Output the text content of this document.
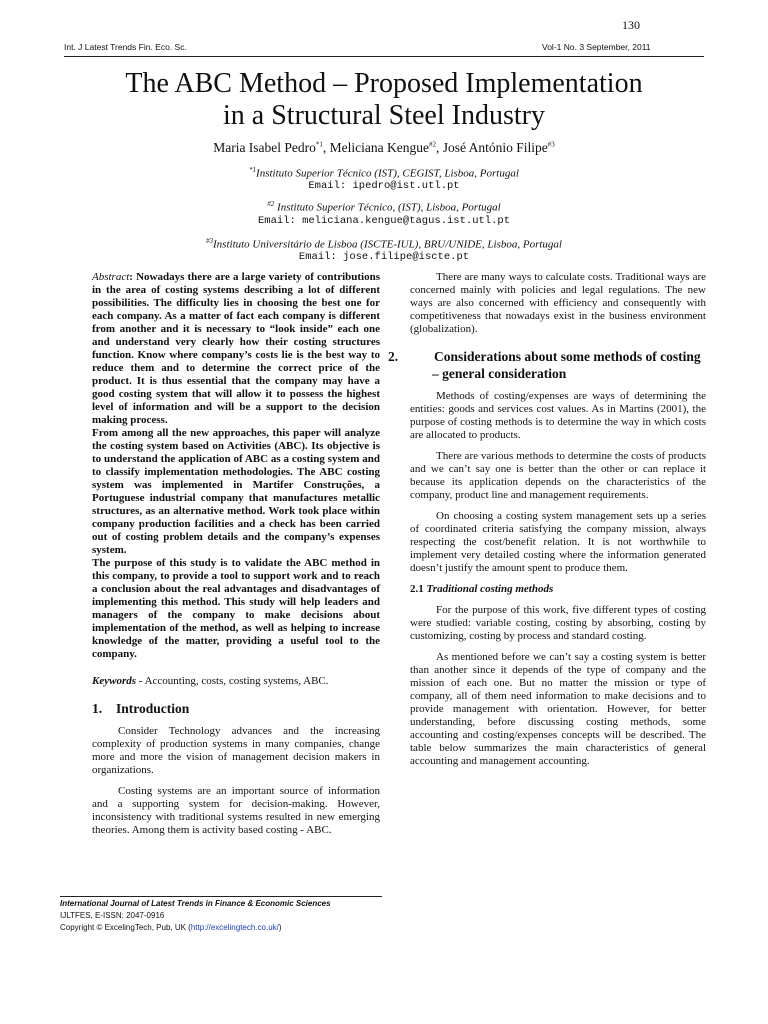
130
Int. J Latest Trends Fin. Eco. Sc.	Vol-1 No. 3 September, 2011
The ABC Method – Proposed Implementation
in a Structural Steel Industry
Maria Isabel Pedro$^{*1}$, Meliciana Kengue$^{\#2}$, José António Filipe$^{\#3}$
$^{*1}$Instituto Superior Técnico (IST), CEGIST, Lisboa, Portugal
Email: ipedro@ist.utl.pt
$^{\#2}$ Instituto Superior Técnico, (IST), Lisboa, Portugal
Email: meliciana.kengue@tagus.ist.utl.pt
$^{\#3}$Instituto Universitário de Lisboa (ISCTE-IUL), BRU/UNIDE, Lisboa, Portugal
Email: jose.filipe@iscte.pt

Abstract: Nowadays there are a large variety of contributions in the area of costing systems describing a lot of different possibilities. The difficulty lies in choosing the best one for each company. As a matter of fact each company is different from another and it is necessary to “look inside” each one and understand very clearly how their costing structures function. Know where company’s costs lie is the best way to reduce them and to determine the correct price of the product. It is thus essential that the company may have a good costing system that will allow it to possess the highest level of information and will be a support to the decision making process.

From among all the new approaches, this paper will analyze the costing system based on Activities (ABC). Its objective is to understand the application of ABC as a costing system and to classify implementation methodologies. The ABC costing system was implemented in Martifer Construções, a Portuguese industrial company that manufactures metallic structures, as an alternative method. Work took place within company production facilities and a check has been carried out of costing problem details and the company’s expenses system.

The purpose of this study is to validate the ABC method in this company, to provide a tool to support work and to reach a conclusion about the real advantages and disadvantages of implementing this method. This study will help leaders and managers of the company to make decisions about implementation of the method, as well as helping to increase knowledge of the matter, providing a useful tool to the company.

Keywords - Accounting, costs, costing systems, ABC.
1. Introduction

Consider Technology advances and the increasing complexity of production systems in many companies, change more and more the vision of management decision makers in organizations.

Costing systems are an important source of information and a supporting system for decision-making. However, inconsistency with traditional systems resulted in new emerging theories. Among them is activity based costing - ABC.

There are many ways to calculate costs. Traditional ways are concerned mainly with policies and legal regulations. The new ways are also concerned with efficiency and consequently with competitiveness that nowadays exist in the business environment (globalization).

2.	Considerations about some methods of costing – general consideration

Methods of costing/expenses are ways of determining the entities: goods and services cost values. As in Martins (2001), the purpose of costing methods is to determine the way in which costs are allocated to products.

There are various methods to determine the costs of products and we can’t say one is better than the other or can replace it because its application depends on the characteristics of the company, product line and management requirements.

On choosing a costing system management sets up a series of coordinated criteria satisfying the company mission, always respecting the cost/benefit relation. It is not worthwhile to implement very detailed costing where the information generated doesn’t justify the amount spent to produce them.

2.1 Traditional costing methods

For the purpose of this work, five different types of costing were studied: variable costing, costing by absorbing, costing by customizing, costing by process and standard costing.

As mentioned before we can’t say a costing system is better than another since it depends of the type of company and the mission of each one. But no matter the mission or type of company, all of them need information to make decisions and to provide management with orientation. However, for better understanding, before discussing costing methods, some accounting and costing/expenses concepts will be described. The table below summarizes the main characteristics of general accounting and management accounting.

International Journal of Latest Trends in Finance & Economic Sciences
IJLTFES, E-ISSN: 2047-0916
Copyright © ExcelingTech, Pub, UK (http://excelingtech.co.uk/)
